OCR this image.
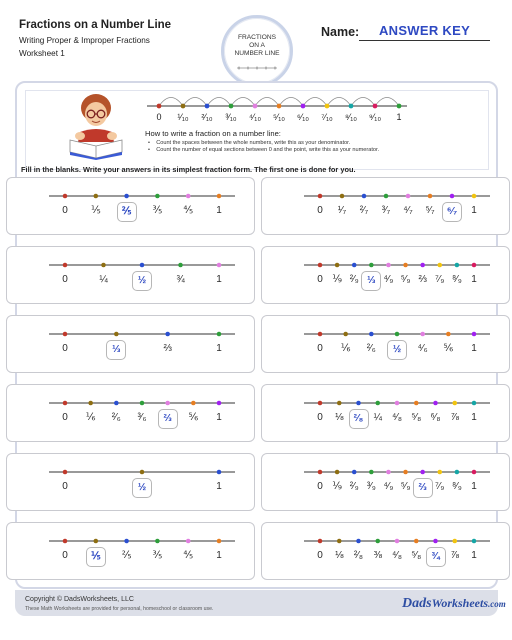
Fractions on a Number Line
Writing Proper & Improper Fractions
Worksheet 1
FRACTIONS
ON A
NUMBER LINE
Name:	ANSWER KEY
0	¹⁄₁₀	²⁄₁₀	³⁄₁₀	⁴⁄₁₀	⁵⁄₁₀	⁶⁄₁₀	⁷⁄₁₀	⁸⁄₁₀	⁹⁄₁₀	1
How to write a fraction on a number line:
•    Count the spaces between the whole numbers, write this as your denominator.
•    Count the number of equal sections between 0 and the point, write this as your numerator.
Fill in the blanks. Write your answers in its simplest fraction form. The first one is done for you.
0	⅕	⅖	⅗	⅘	1	0	¹⁄₇	²⁄₇	³⁄₇	⁴⁄₇	⁵⁄₇	⁶⁄₇	1
0	¼	½	¾	1	0 ⅑ ²⁄₉ ⅓ ⁴⁄₉ ⁵⁄₉ ⅔ ⁷⁄₉ ⁸⁄₉ 1
0	⅓	⅔	1	0	⅙	²⁄₆	½	⁴⁄₆	⅚	1
0	⅙	²⁄₆	³⁄₆	⅔	⅚	1	0	⅛	²⁄₈	¼	⁴⁄₈ ⁵⁄₈ ⁶⁄₈	⅞	1
0	½	1	0 ⅑ ²⁄₉ ³⁄₉ ⁴⁄₉ ⁵⁄₉ ⅔ ⁷⁄₉ ⁸⁄₉ 1
0	⅕	⅖	⅗	⅘	1	0	⅛	²⁄₈	⅜	⁴⁄₈ ⁵⁄₈	¾	⅞	1
Copyright © DadsWorksheets, LLC
These Math Worksheets are provided for personal, homeschool or classroom use.	DadsWorksheets.com
